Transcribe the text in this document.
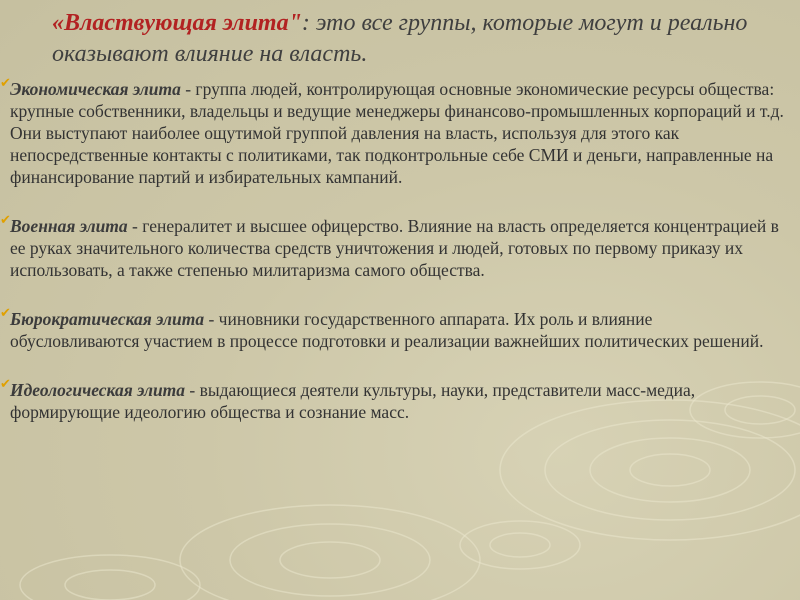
«Властвующая элита": это все группы, которые могут и реально оказывают влияние на власть.
✔ Экономическая элита - группа людей, контролирующая основные экономические ресурсы общества: крупные собственники, владельцы и ведущие менеджеры финансово-промышленных корпораций и т.д. Они выступают наиболее ощутимой группой давления на власть, используя для этого как непосредственные контакты с политиками, так подконтрольные себе СМИ и деньги, направленные на финансирование партий и избирательных кампаний.
✔ Военная элита - генералитет и высшее офицерство. Влияние на власть определяется концентрацией в ее руках значительного количества средств уничтожения и людей, готовых по первому приказу их использовать, а также степенью милитаризма самого общества.
✔ Бюрократическая элита - чиновники государственного аппарата. Их роль и влияние обусловливаются участием в процессе подготовки и реализации важнейших политических решений.
✔ Идеологическая элита - выдающиеся деятели культуры, науки, представители масс-медиа, формирующие идеологию общества и сознание масс.
